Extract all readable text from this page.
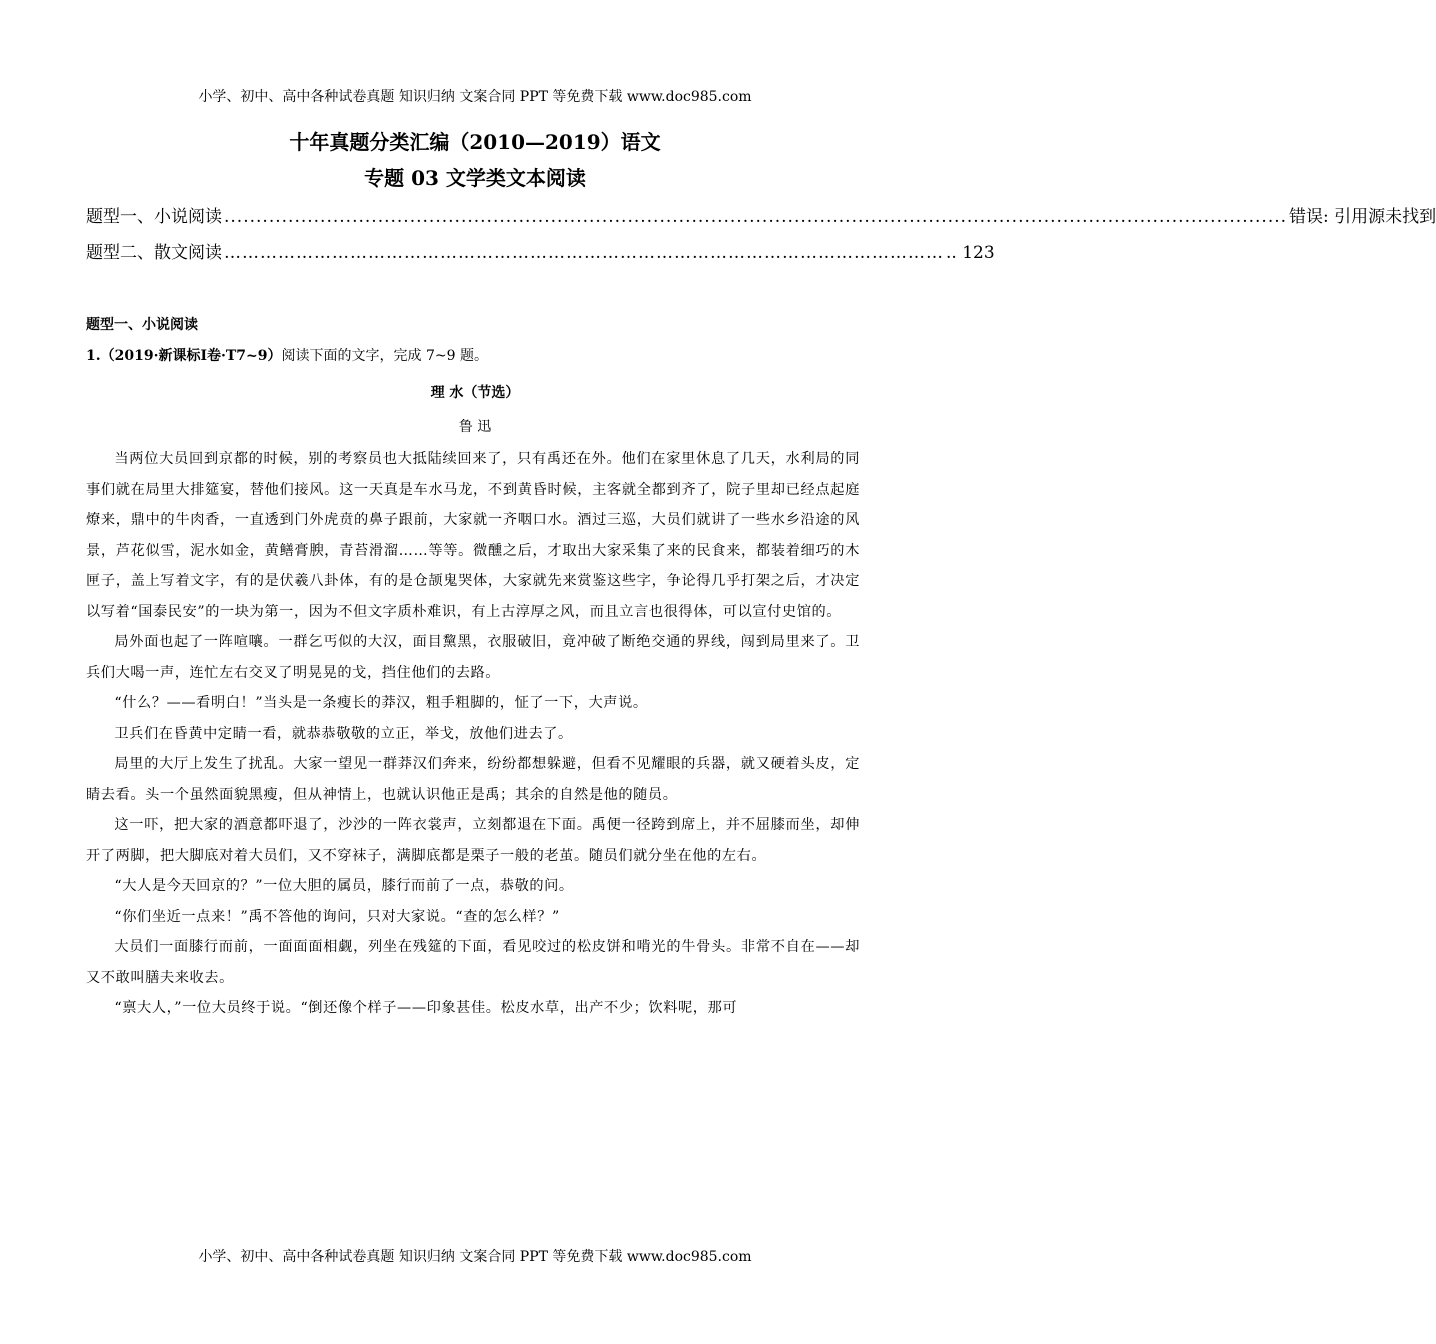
小学、初中、高中各种试卷真题 知识归纳 文案合同 PPT 等免费下载 www.doc985.com
十年真题分类汇编（2010—2019）语文
专题 03 文学类文本阅读
题型一、小说阅读 ...................................................................................................................................................................... 错误: 引用源未找到
题型二、散文阅读 ………………………………………………………………………………………………………… .. 123
题型一、小说阅读
1.（2019·新课标Ⅰ卷·T7~9）阅读下面的文字，完成 7~9 题。
理 水（节选）
鲁 迅

当两位大员回到京都的时候，别的考察员也大抵陆续回来了，只有禹还在外。他们在家里休息了几天，水利局的同事们就在局里大排筵宴，替他们接风。这一天真是车水马龙，不到黄昏时候，主客就全都到齐了，院子里却已经点起庭燎来，鼎中的牛肉香，一直透到门外虎贲的鼻子跟前，大家就一齐咽口水。酒过三巡，大员们就讲了一些水乡沿途的风景，芦花似雪，泥水如金，黄鳝膏腴，青苔滑溜……等等。微醺之后，才取出大家采集了来的民食来，都装着细巧的木匣子，盖上写着文字，有的是伏羲八卦体，有的是仓颉鬼哭体，大家就先来赏鉴这些字，争论得几乎打架之后，才决定以写着“国泰民安”的一块为第一，因为不但文字质朴难识，有上古淳厚之风，而且立言也很得体，可以宣付史馆的。

局外面也起了一阵喧嚷。一群乞丐似的大汉，面目黧黑，衣服破旧，竟冲破了断绝交通的界线，闯到局里来了。卫兵们大喝一声，连忙左右交叉了明晃晃的戈，挡住他们的去路。

“什么？——看明白！”当头是一条瘦长的莽汉，粗手粗脚的，怔了一下，大声说。

卫兵们在昏黄中定睛一看，就恭恭敬敬的立正，举戈，放他们进去了。

局里的大厅上发生了扰乱。大家一望见一群莽汉们奔来，纷纷都想躲避，但看不见耀眼的兵器，就又硬着头皮，定睛去看。头一个虽然面貌黑瘦，但从神情上，也就认识他正是禹；其余的自然是他的随员。

这一吓，把大家的酒意都吓退了，沙沙的一阵衣裳声，立刻都退在下面。禹便一径跨到席上，并不屈膝而坐，却伸开了两脚，把大脚底对着大员们，又不穿袜子，满脚底都是栗子一般的老茧。随员们就分坐在他的左右。

“大人是今天回京的？”一位大胆的属员，膝行而前了一点，恭敬的问。

“你们坐近一点来！”禹不答他的询问，只对大家说。“查的怎么样？”

大员们一面膝行而前，一面面面相觑，列坐在残筵的下面，看见咬过的松皮饼和啃光的牛骨头。非常不自在——却又不敢叫膳夫来收去。

“禀大人，”一位大员终于说。“倒还像个样子——印象甚佳。松皮水草，出产不少；饮料呢，那可

小学、初中、高中各种试卷真题 知识归纳 文案合同 PPT 等免费下载 www.doc985.com
